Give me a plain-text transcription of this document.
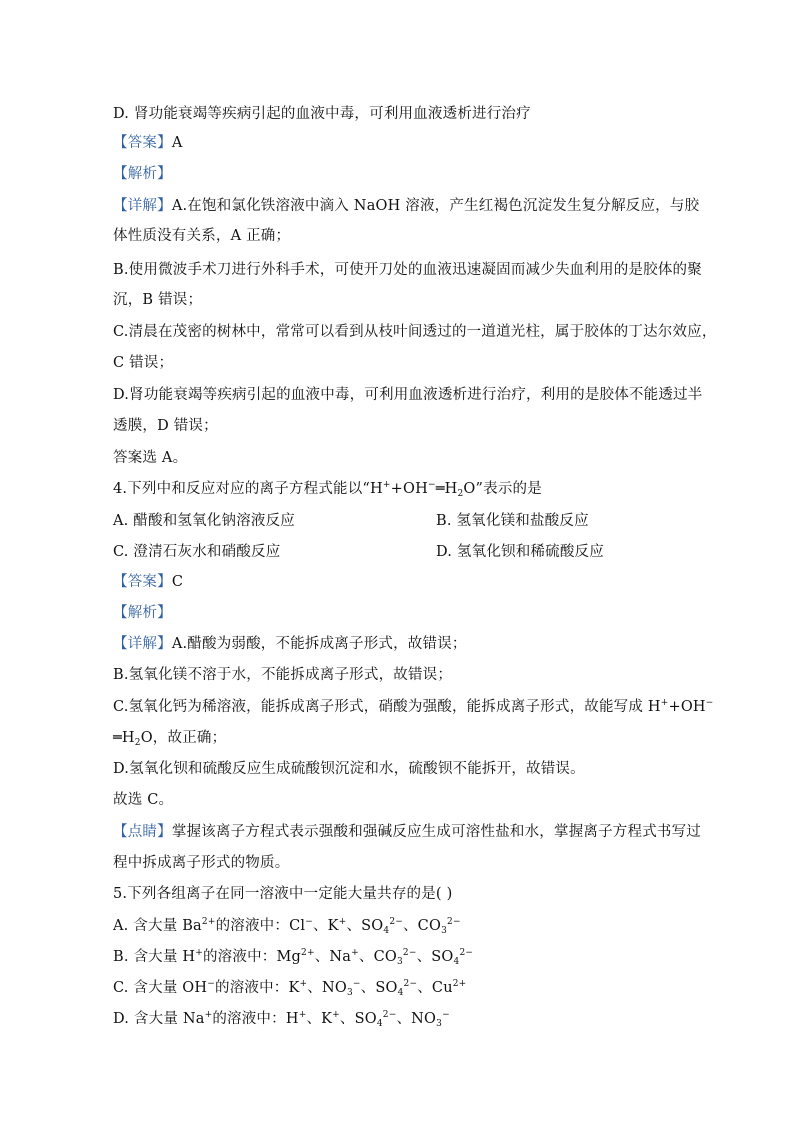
D. 肾功能衰竭等疾病引起的血液中毒，可利用血液透析进行治疗
【答案】A
【解析】
【详解】A.在饱和氯化铁溶液中滴入 NaOH 溶液，产生红褐色沉淀发生复分解反应，与胶
体性质没有关系，A 正确；
B.使用微波手术刀进行外科手术，可使开刀处的血液迅速凝固而减少失血利用的是胶体的聚
沉，B 错误；
C.清晨在茂密的树林中，常常可以看到从枝叶间透过的一道道光柱，属于胶体的丁达尔效应，
C 错误；
D.肾功能衰竭等疾病引起的血液中毒，可利用血液透析进行治疗，利用的是胶体不能透过半
透膜，D 错误；
答案选 A。
4.下列中和反应对应的离子方程式能以“$H^++OH^-═H_2O$”表示的是
A. 醋酸和氢氧化钠溶液反应	B. 氢氧化镁和盐酸反应
C. 澄清石灰水和硝酸反应	D. 氢氧化钡和稀硫酸反应
【答案】C
【解析】
【详解】A.醋酸为弱酸，不能拆成离子形式，故错误；
B.氢氧化镁不溶于水，不能拆成离子形式，故错误；
C.氢氧化钙为稀溶液，能拆成离子形式，硝酸为强酸，能拆成离子形式，故能写成 H++OH−
$═H_2O$，故正确；
D.氢氧化钡和硫酸反应生成硫酸钡沉淀和水，硫酸钡不能拆开，故错误。
故选 C。
【点睛】掌握该离子方程式表示强酸和强碱反应生成可溶性盐和水，掌握离子方程式书写过
程中拆成离子形式的物质。
5.下列各组离子在同一溶液中一定能大量共存的是( )
A. 含大量 $Ba^{2+}$的溶液中：Cl−、K+、$SO_4^{2-}$、$CO_3^{2-}$
B. 含大量 H+的溶液中：$Mg^{2+}$、Na+、$CO_3^{2-}$、$SO_4^{2-}$
C. 含大量 OH−的溶液中：K+、$NO_3^-$、$SO_4^{2-}$、$Cu^{2+}$
D. 含大量 Na+的溶液中：H+、K+、$SO_4^{2-}$、$NO_3^-$
